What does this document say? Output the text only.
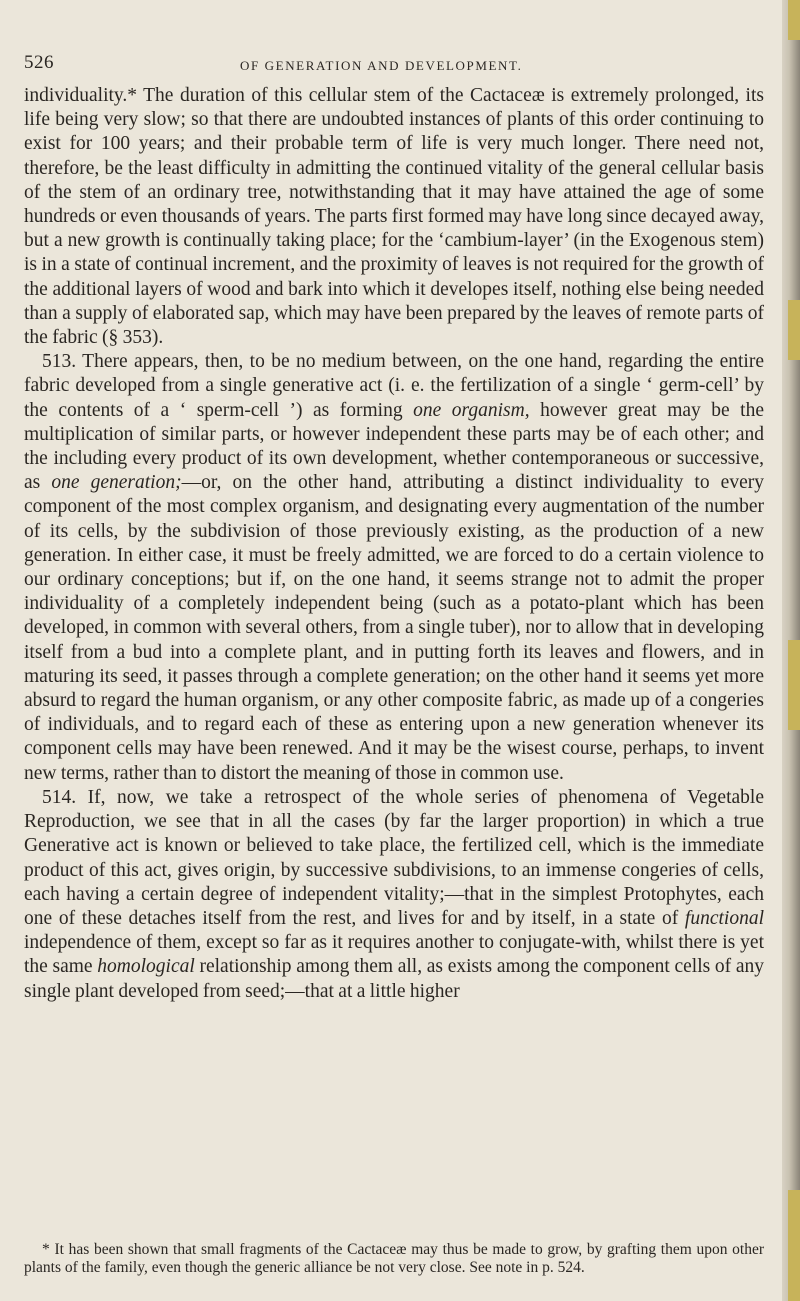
526	OF GENERATION AND DEVELOPMENT.

individuality.* The duration of this cellular stem of the Cactaceæ is extremely prolonged, its life being very slow; so that there are undoubted instances of plants of this order continuing to exist for 100 years; and their probable term of life is very much longer. There need not, therefore, be the least difficulty in admitting the continued vitality of the general cellular basis of the stem of an ordinary tree, notwithstanding that it may have attained the age of some hundreds or even thousands of years. The parts first formed may have long since decayed away, but a new growth is continually taking place; for the ‘cambium-layer’ (in the Exogenous stem) is in a state of continual increment, and the proximity of leaves is not required for the growth of the additional layers of wood and bark into which it developes itself, nothing else being needed than a supply of elaborated sap, which may have been prepared by the leaves of remote parts of the fabric (§ 353).

513. There appears, then, to be no medium between, on the one hand, regarding the entire fabric developed from a single generative act (i. e. the fertilization of a single ‘ germ-cell’ by the contents of a ‘ sperm-cell ’) as forming one organism, however great may be the multiplication of similar parts, or however independent these parts may be of each other; and the including every product of its own development, whether contemporaneous or successive, as one generation;—or, on the other hand, attributing a distinct individuality to every component of the most complex organism, and designating every augmentation of the number of its cells, by the subdivision of those previously existing, as the production of a new generation. In either case, it must be freely admitted, we are forced to do a certain violence to our ordinary conceptions; but if, on the one hand, it seems strange not to admit the proper individuality of a completely independent being (such as a potato-plant which has been developed, in common with several others, from a single tuber), nor to allow that in developing itself from a bud into a complete plant, and in putting forth its leaves and flowers, and in maturing its seed, it passes through a complete generation; on the other hand it seems yet more absurd to regard the human organism, or any other composite fabric, as made up of a congeries of individuals, and to regard each of these as entering upon a new generation whenever its component cells may have been renewed. And it may be the wisest course, perhaps, to invent new terms, rather than to distort the meaning of those in common use.

514. If, now, we take a retrospect of the whole series of phenomena of Vegetable Reproduction, we see that in all the cases (by far the larger proportion) in which a true Generative act is known or believed to take place, the fertilized cell, which is the immediate product of this act, gives origin, by successive subdivisions, to an immense congeries of cells, each having a certain degree of independent vitality;—that in the simplest Protophytes, each one of these detaches itself from the rest, and lives for and by itself, in a state of functional independence of them, except so far as it requires another to conjugate-with, whilst there is yet the same homological relationship among them all, as exists among the component cells of any single plant developed from seed;—that at a little higher

* It has been shown that small fragments of the Cactaceæ may thus be made to grow, by grafting them upon other plants of the family, even though the generic alliance be not very close. See note in p. 524.
